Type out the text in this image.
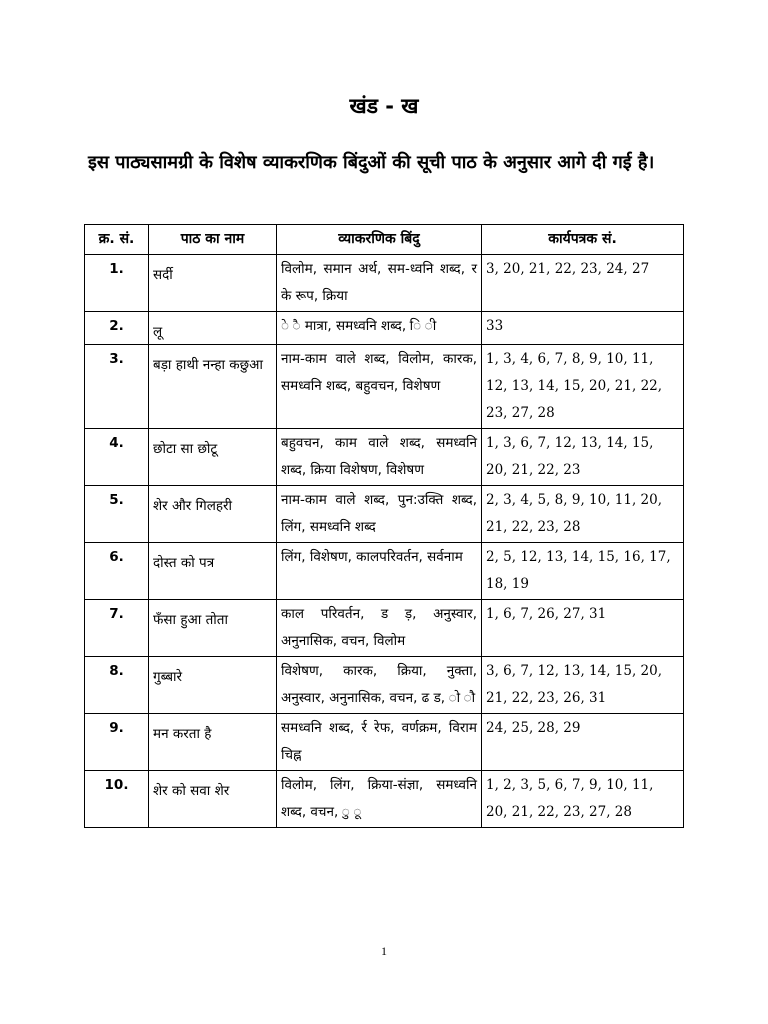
खंड - ख
इस पाठ्यसामग्री के विशेष व्याकरणिक बिंदुओं की सूची पाठ के अनुसार आगे दी गई है।
क्र. सं.	पाठ का नाम	व्याकरणिक बिंदु	कार्यपत्रक सं.
1.	सर्दी	विलोम, समान अर्थ, सम-ध्वनि शब्द, र के रूप, क्रिया	3, 20, 21, 22, 23, 24, 27
2.	लू	े ै मात्रा, समध्वनि शब्द, ि ी	33
3.	बड़ा हाथी नन्हा कछुआ	नाम-काम वाले शब्द, विलोम, कारक, समध्वनि शब्द, बहुवचन, विशेषण	1, 3, 4, 6, 7, 8, 9, 10, 11, 12, 13, 14, 15, 20, 21, 22, 23, 27, 28
4.	छोटा सा छोटू	बहुवचन, काम वाले शब्द, समध्वनि शब्द, क्रिया विशेषण, विशेषण	1, 3, 6, 7, 12, 13, 14, 15, 20, 21, 22, 23
5.	शेर और गिलहरी	नाम-काम वाले शब्द, पुन:उक्ति शब्द, लिंग, समध्वनि शब्द	2, 3, 4, 5, 8, 9, 10, 11, 20, 21, 22, 23, 28
6.	दोस्त को पत्र	लिंग, विशेषण, कालपरिवर्तन, सर्वनाम	2, 5, 12, 13, 14, 15, 16, 17, 18, 19
7.	फँसा हुआ तोता	काल परिवर्तन, ड ड़, अनुस्वार, अनुनासिक, वचन, विलोम	1, 6, 7, 26, 27, 31
8.	गुब्बारे	विशेषण, कारक, क्रिया, नुक्ता, अनुस्वार, अनुनासिक, वचन, ढ ड, ो ौ	3, 6, 7, 12, 13, 14, 15, 20, 21, 22, 23, 26, 31
9.	मन करता है	समध्वनि शब्द, र्र रेफ, वर्णक्रम, विराम चिह्न	24, 25, 28, 29
10.	शेर को सवा शेर	विलोम, लिंग, क्रिया-संज्ञा, समध्वनि शब्द, वचन, ु ू	1, 2, 3, 5, 6, 7, 9, 10, 11, 20, 21, 22, 23, 27, 28
1
